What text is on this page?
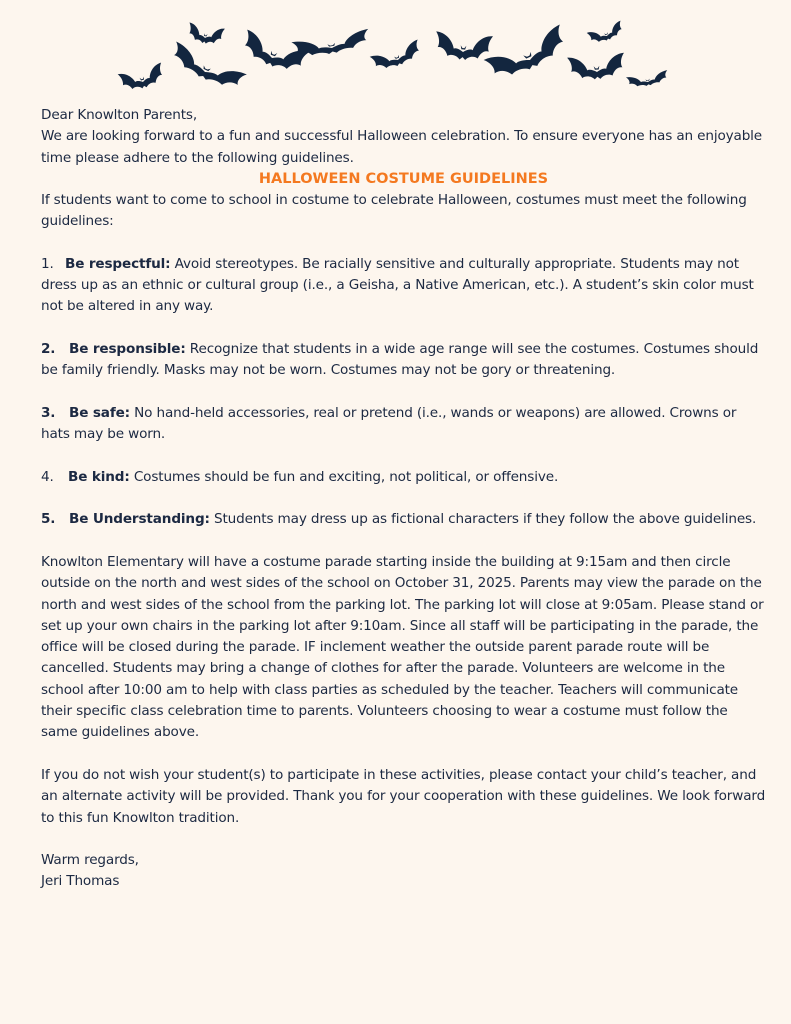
Dear Knowlton Parents,

We are looking forward to a fun and successful Halloween celebration. To ensure everyone has an enjoyable time please adhere to the following guidelines.

HALLOWEEN COSTUME GUIDELINES

If students want to come to school in costume to celebrate Halloween, costumes must meet the following guidelines:

1. Be respectful: Avoid stereotypes. Be racially sensitive and culturally appropriate. Students may not dress up as an ethnic or cultural group (i.e., a Geisha, a Native American, etc.). A student’s skin color must not be altered in any way.

2. Be responsible: Recognize that students in a wide age range will see the costumes. Costumes should be family friendly. Masks may not be worn. Costumes may not be gory or threatening.

3. Be safe: No hand-held accessories, real or pretend (i.e., wands or weapons) are allowed. Crowns or hats may be worn.

4. Be kind: Costumes should be fun and exciting, not political, or offensive.

5. Be Understanding: Students may dress up as fictional characters if they follow the above guidelines.

Knowlton Elementary will have a costume parade starting inside the building at 9:15am and then circle outside on the north and west sides of the school on October 31, 2025. Parents may view the parade on the north and west sides of the school from the parking lot. The parking lot will close at 9:05am. Please stand or set up your own chairs in the parking lot after 9:10am. Since all staff will be participating in the parade, the office will be closed during the parade. IF inclement weather the outside parent parade route will be cancelled. Students may bring a change of clothes for after the parade. Volunteers are welcome in the school after 10:00 am to help with class parties as scheduled by the teacher. Teachers will communicate their specific class celebration time to parents. Volunteers choosing to wear a costume must follow the same guidelines above.

If you do not wish your student(s) to participate in these activities, please contact your child’s teacher, and an alternate activity will be provided. Thank you for your cooperation with these guidelines. We look forward to this fun Knowlton tradition.

Warm regards,

Jeri Thomas
